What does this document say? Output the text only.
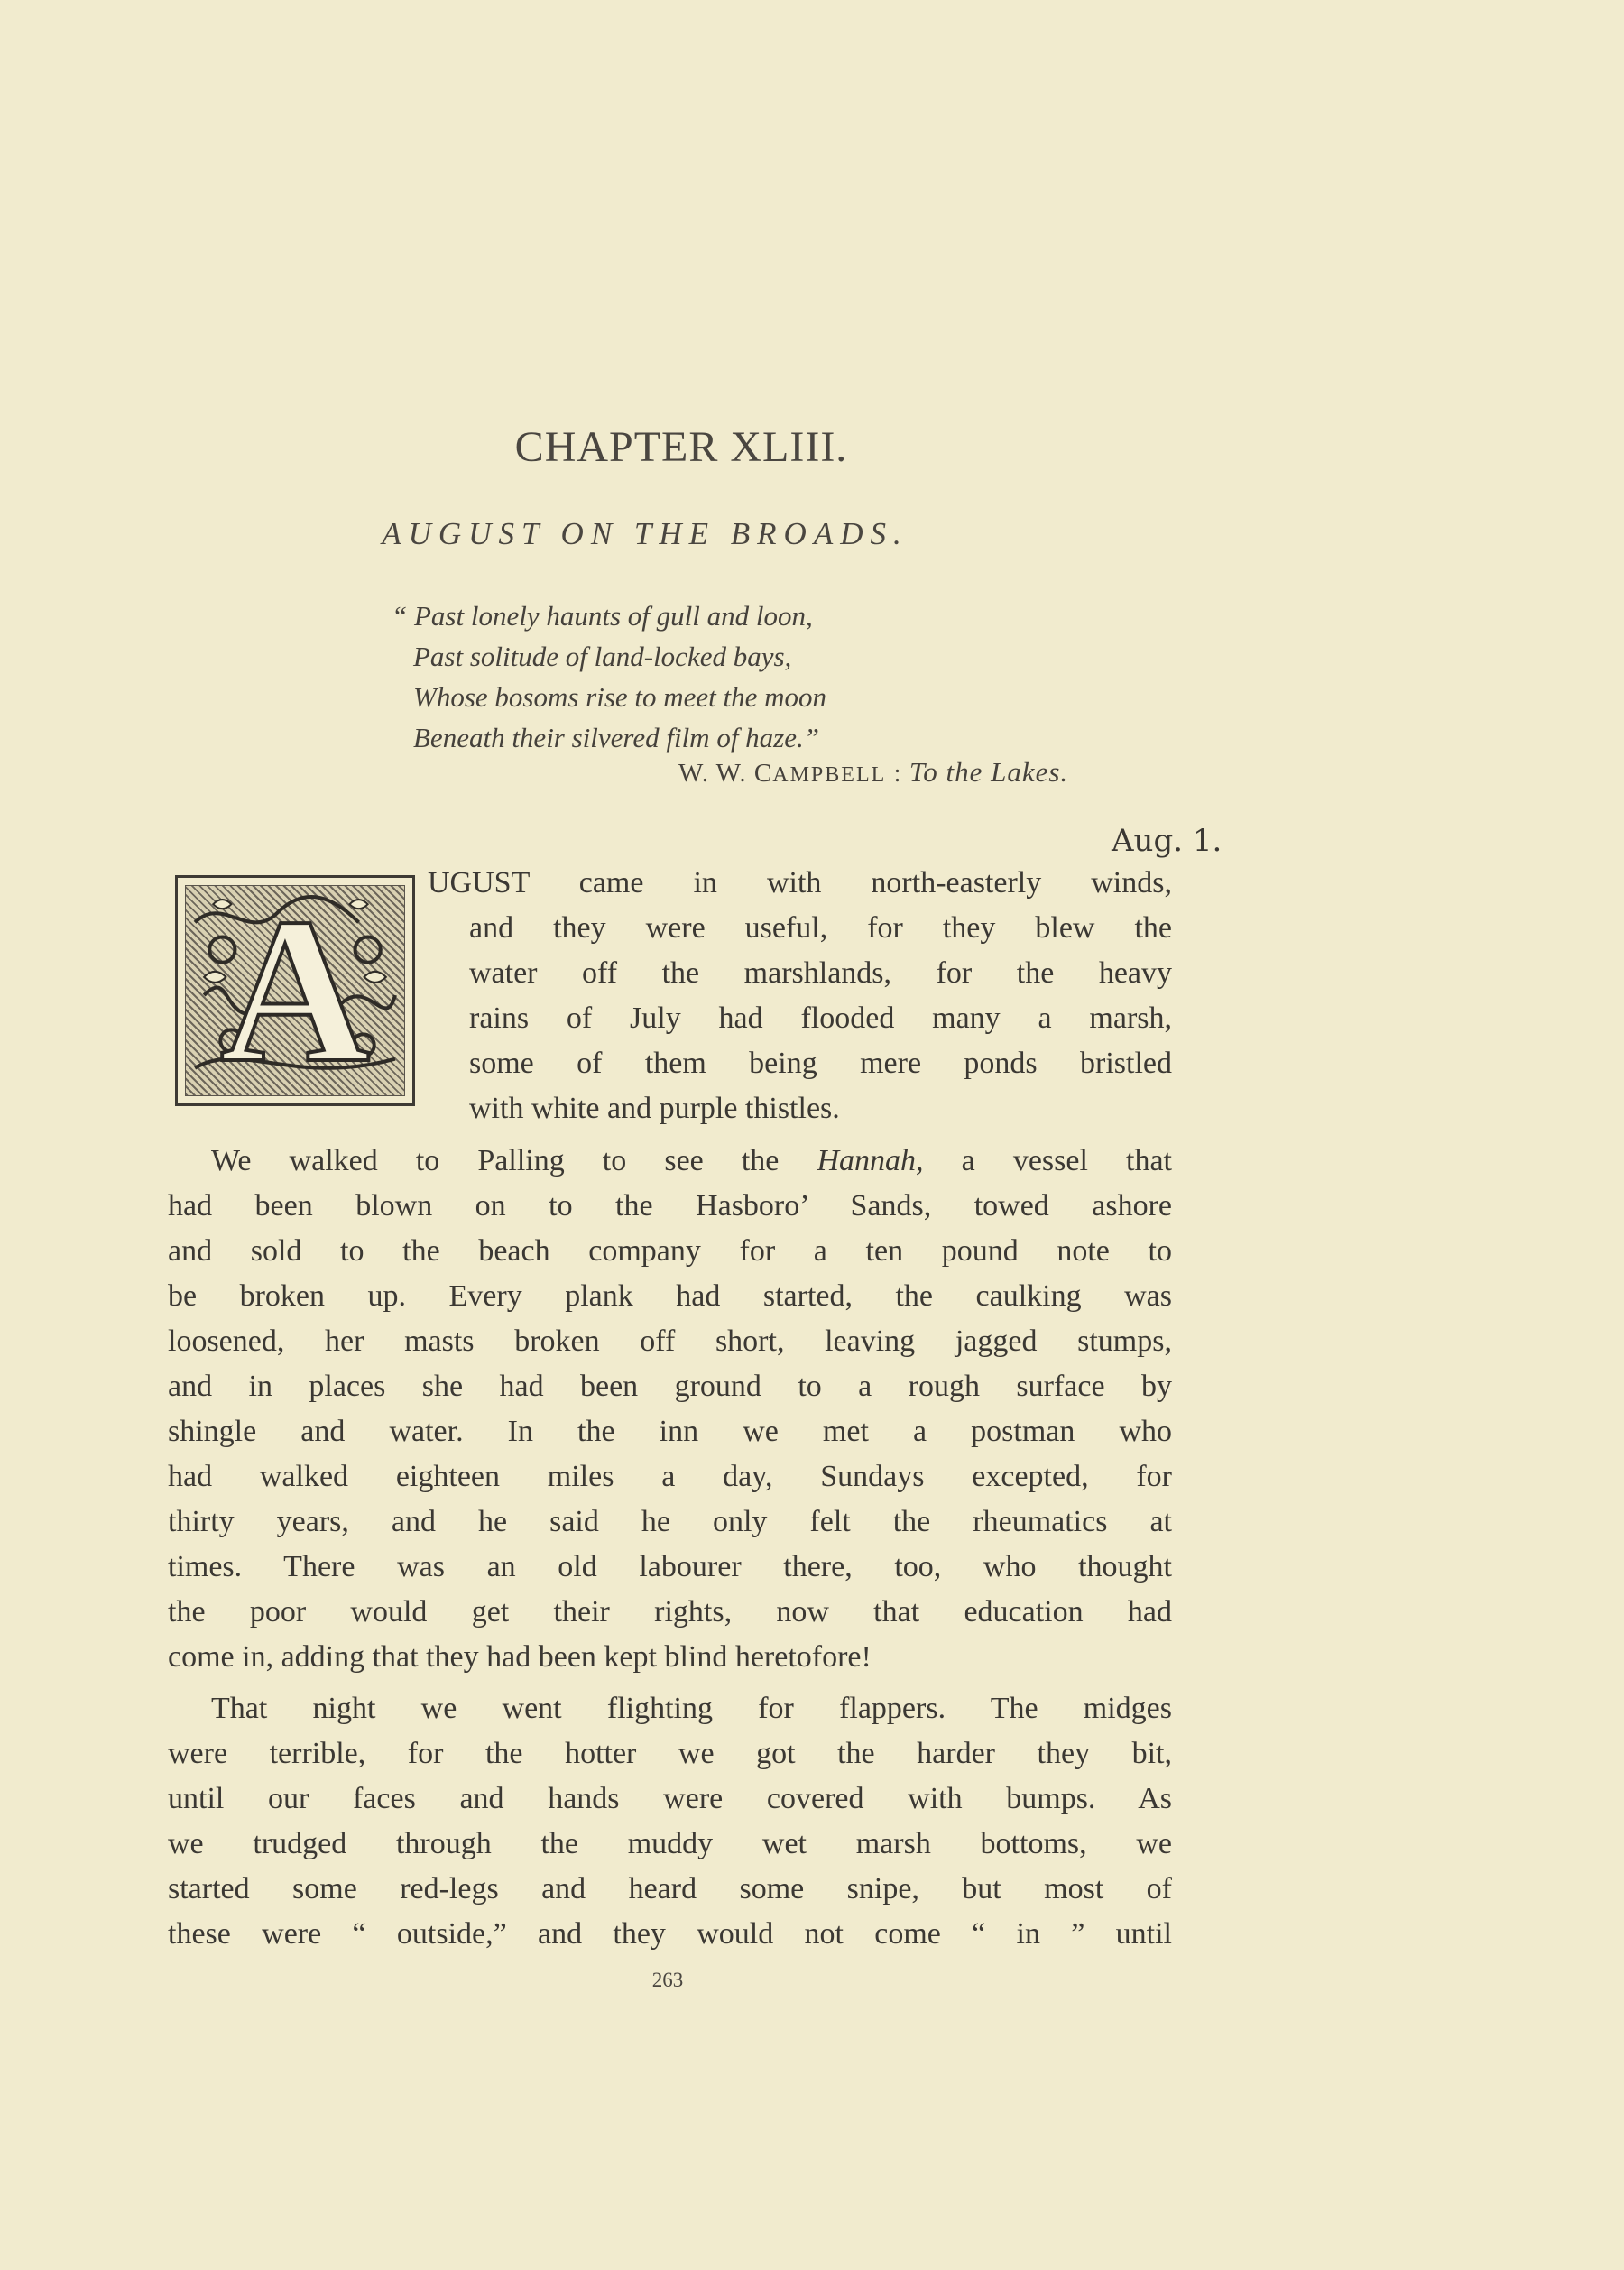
CHAPTER XLIII.
AUGUST ON THE BROADS.
“ Past lonely haunts of gull and loon,
Past solitude of land-locked bays,
Whose bosoms rise to meet the moon
Beneath their silvered film of haze.”
W. W. CAMPBELL : To the Lakes.
Aug. 1.
A	UGUST came in with north-easterly winds,
and they were useful, for they blew the
water off the marshlands, for the heavy
rains of July had flooded many a marsh,
some of them being mere ponds bristled
with white and purple thistles.
We walked to Palling to see the Hannah, a vessel that
had been blown on to the Hasboro’ Sands, towed ashore
and sold to the beach company for a ten pound note to
be broken up. Every plank had started, the caulking was
loosened, her masts broken off short, leaving jagged stumps,
and in places she had been ground to a rough surface by
shingle and water. In the inn we met a postman who
had walked eighteen miles a day, Sundays excepted, for
thirty years, and he said he only felt the rheumatics at
times. There was an old labourer there, too, who thought
the poor would get their rights, now that education had
come in, adding that they had been kept blind heretofore!
That night we went flighting for flappers. The midges
were terrible, for the hotter we got the harder they bit,
until our faces and hands were covered with bumps. As
we trudged through the muddy wet marsh bottoms, we
started some red-legs and heard some snipe, but most of
these were “ outside,” and they would not come “ in ” until
263
